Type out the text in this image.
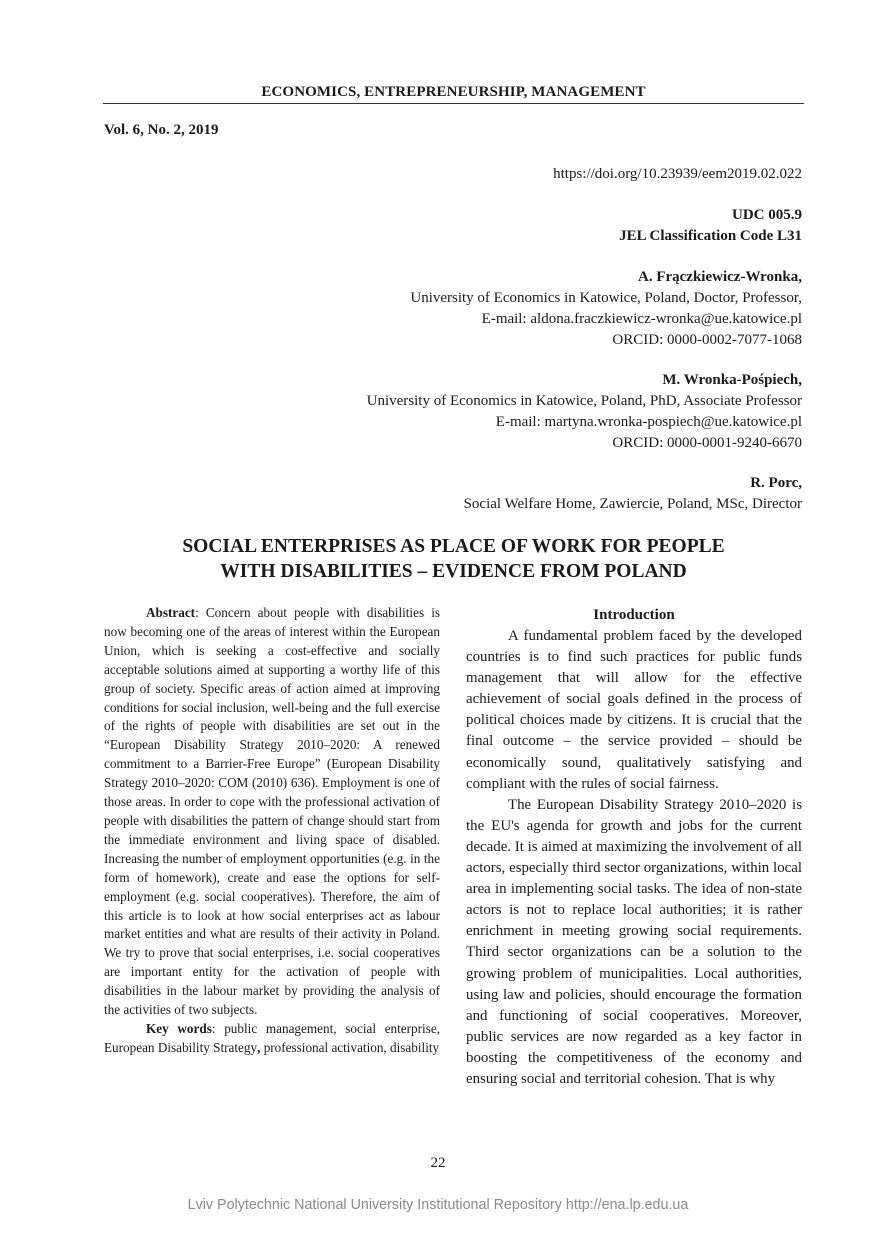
ECONOMICS, ENTREPRENEURSHIP, MANAGEMENT
Vol. 6, No. 2, 2019
https://doi.org/10.23939/eem2019.02.022
UDC 005.9
JEL Classification Code L31
A. Frączkiewicz-Wronka,
University of Economics in Katowice, Poland, Doctor, Professor,
E-mail: aldona.fraczkiewicz-wronka@ue.katowice.pl
ORCID: 0000-0002-7077-1068
M. Wronka-Pośpiech,
University of Economics in Katowice, Poland, PhD, Associate Professor
E-mail: martyna.wronka-pospiech@ue.katowice.pl
ORCID: 0000-0001-9240-6670
R. Porc,
Social Welfare Home, Zawiercie, Poland, MSc, Director
SOCIAL ENTERPRISES AS PLACE OF WORK FOR PEOPLE
WITH DISABILITIES – EVIDENCE FROM POLAND

Abstract: Concern about people with disabilities is now becoming one of the areas of interest within the European Union, which is seeking a cost-effective and socially acceptable solutions aimed at supporting a worthy life of this group of society. Specific areas of action aimed at improving conditions for social inclusion, well-being and the full exercise of the rights of people with disabilities are set out in the “European Disability Strategy 2010–2020: A renewed commitment to a Barrier-Free Europe” (European Disability Strategy 2010–2020: COM (2010) 636). Employment is one of those areas. In order to cope with the professional activation of people with disabilities the pattern of change should start from the immediate environment and living space of disabled. Increasing the number of employment opportunities (e.g. in the form of homework), create and ease the options for self-employment (e.g. social cooperatives). Therefore, the aim of this article is to look at how social enterprises act as labour market entities and what are results of their activity in Poland. We try to prove that social enterprises, i.e. social cooperatives are important entity for the activation of people with disabilities in the labour market by providing the analysis of the activities of two subjects.

Key words: public management, social enterprise, European Disability Strategy, professional activation, disability

Introduction

A fundamental problem faced by the developed countries is to find such practices for public funds management that will allow for the effective achievement of social goals defined in the process of political choices made by citizens. It is crucial that the final outcome – the service provided – should be economically sound, qualitatively satisfying and compliant with the rules of social fairness.

The European Disability Strategy 2010–2020 is the EU's agenda for growth and jobs for the current decade. It is aimed at maximizing the involvement of all actors, especially third sector organizations, within local area in implementing social tasks. The idea of non-state actors is not to replace local authorities; it is rather enrichment in meeting growing social requirements. Third sector organizations can be a solution to the growing problem of municipalities. Local authorities, using law and policies, should encourage the formation and functioning of social cooperatives. Moreover, public services are now regarded as a key factor in boosting the competitiveness of the economy and ensuring social and territorial cohesion. That is why

22
Lviv Polytechnic National University Institutional Repository http://ena.lp.edu.ua
